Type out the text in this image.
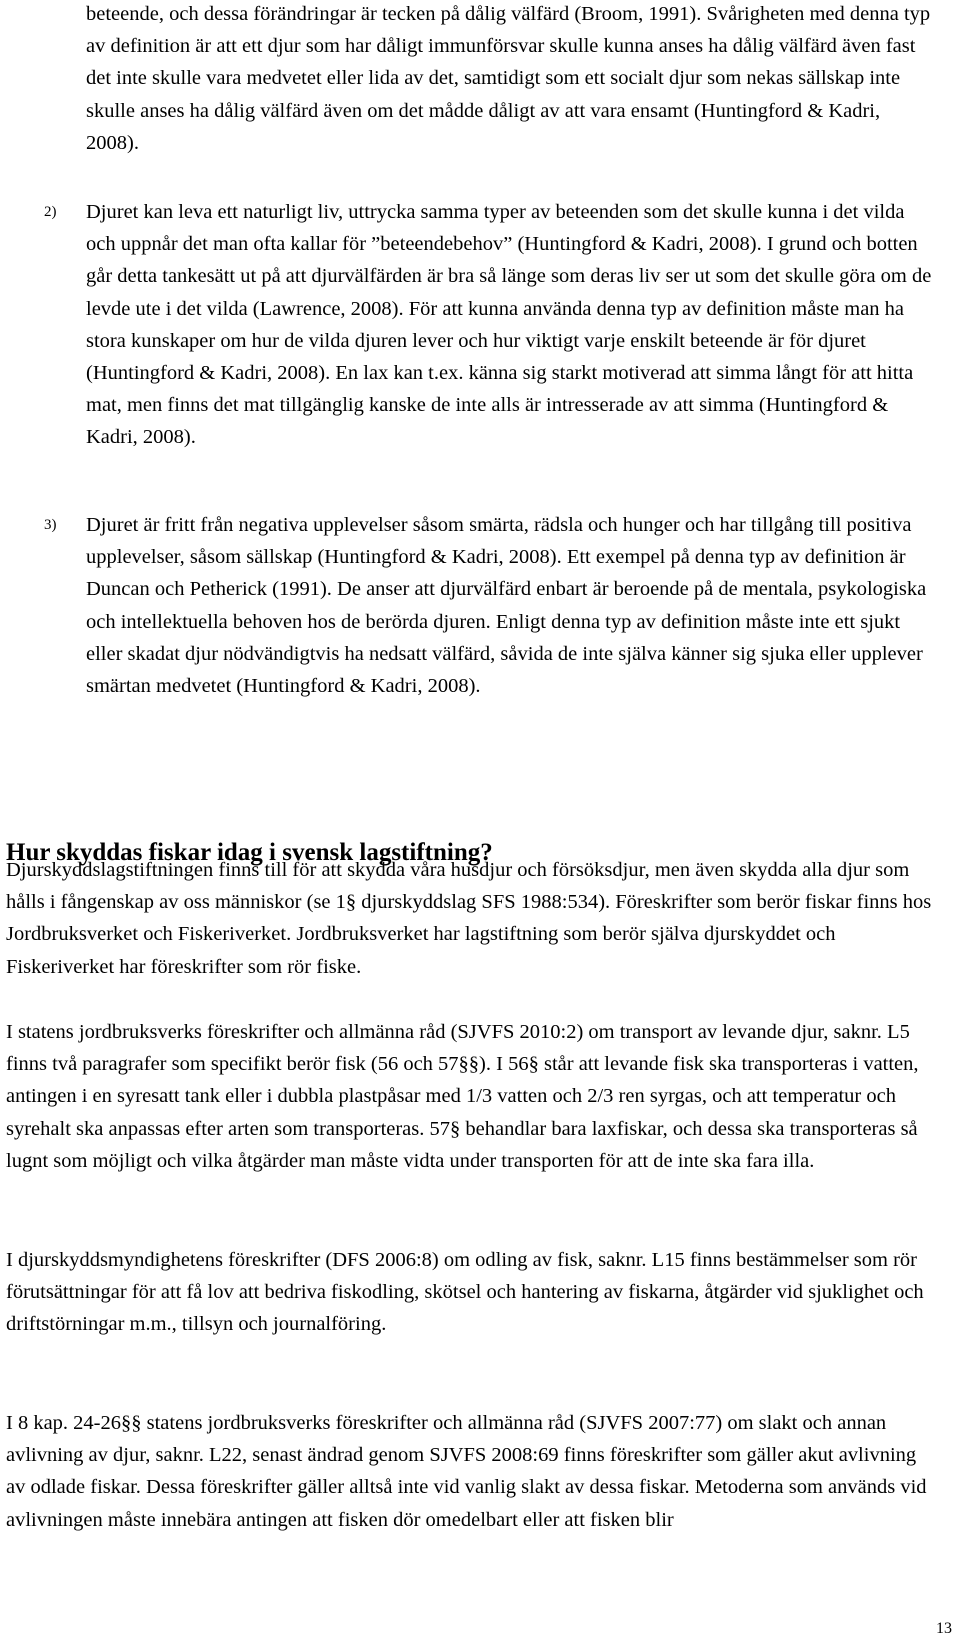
beteende, och dessa förändringar är tecken på dålig välfärd (Broom, 1991). Svårigheten med denna typ av definition är att ett djur som har dåligt immunförsvar skulle kunna anses ha dålig välfärd även fast det inte skulle vara medvetet eller lida av det, samtidigt som ett socialt djur som nekas sällskap inte skulle anses ha dålig välfärd även om det mådde dåligt av att vara ensamt (Huntingford & Kadri, 2008).

2)	Djuret kan leva ett naturligt liv, uttrycka samma typer av beteenden som det skulle kunna i det vilda och uppnår det man ofta kallar för ”beteendebehov” (Huntingford & Kadri, 2008). I grund och botten går detta tankesätt ut på att djurvälfärden är bra så länge som deras liv ser ut som det skulle göra om de levde ute i det vilda (Lawrence, 2008). För att kunna använda denna typ av definition måste man ha stora kunskaper om hur de vilda djuren lever och hur viktigt varje enskilt beteende är för djuret (Huntingford & Kadri, 2008). En lax kan t.ex. känna sig starkt motiverad att simma långt för att hitta mat, men finns det mat tillgänglig kanske de inte alls är intresserade av att simma (Huntingford & Kadri, 2008).

3)	Djuret är fritt från negativa upplevelser såsom smärta, rädsla och hunger och har tillgång till positiva upplevelser, såsom sällskap (Huntingford & Kadri, 2008). Ett exempel på denna typ av definition är Duncan och Petherick (1991). De anser att djurvälfärd enbart är beroende på de mentala, psykologiska och intellektuella behoven hos de berörda djuren. Enligt denna typ av definition måste inte ett sjukt eller skadat djur nödvändigtvis ha nedsatt välfärd, såvida de inte själva känner sig sjuka eller upplever smärtan medvetet (Huntingford & Kadri, 2008).

Hur skyddas fiskar idag i svensk lagstiftning?

Djurskyddslagstiftningen finns till för att skydda våra husdjur och försöksdjur, men även skydda alla djur som hålls i fångenskap av oss människor (se 1§ djurskyddslag SFS 1988:534). Föreskrifter som berör fiskar finns hos Jordbruksverket och Fiskeriverket. Jordbruksverket har lagstiftning som berör själva djurskyddet och Fiskeriverket har föreskrifter som rör fiske.

I statens jordbruksverks föreskrifter och allmänna råd (SJVFS 2010:2) om transport av levande djur, saknr. L5 finns två paragrafer som specifikt berör fisk (56 och 57§§). I 56§ står att levande fisk ska transporteras i vatten, antingen i en syresatt tank eller i dubbla plastpåsar med 1/3 vatten och 2/3 ren syrgas, och att temperatur och syrehalt ska anpassas efter arten som transporteras. 57§ behandlar bara laxfiskar, och dessa ska transporteras så lugnt som möjligt och vilka åtgärder man måste vidta under transporten för att de inte ska fara illa.

I djurskyddsmyndighetens föreskrifter (DFS 2006:8) om odling av fisk, saknr. L15 finns bestämmelser som rör förutsättningar för att få lov att bedriva fiskodling, skötsel och hantering av fiskarna, åtgärder vid sjuklighet och driftstörningar m.m., tillsyn och journalföring.

I 8 kap. 24-26§§ statens jordbruksverks föreskrifter och allmänna råd (SJVFS 2007:77) om slakt och annan avlivning av djur, saknr. L22, senast ändrad genom SJVFS 2008:69 finns föreskrifter som gäller akut avlivning av odlade fiskar. Dessa föreskrifter gäller alltså inte vid vanlig slakt av dessa fiskar. Metoderna som används vid avlivningen måste innebära antingen att fisken dör omedelbart eller att fisken blir

13
